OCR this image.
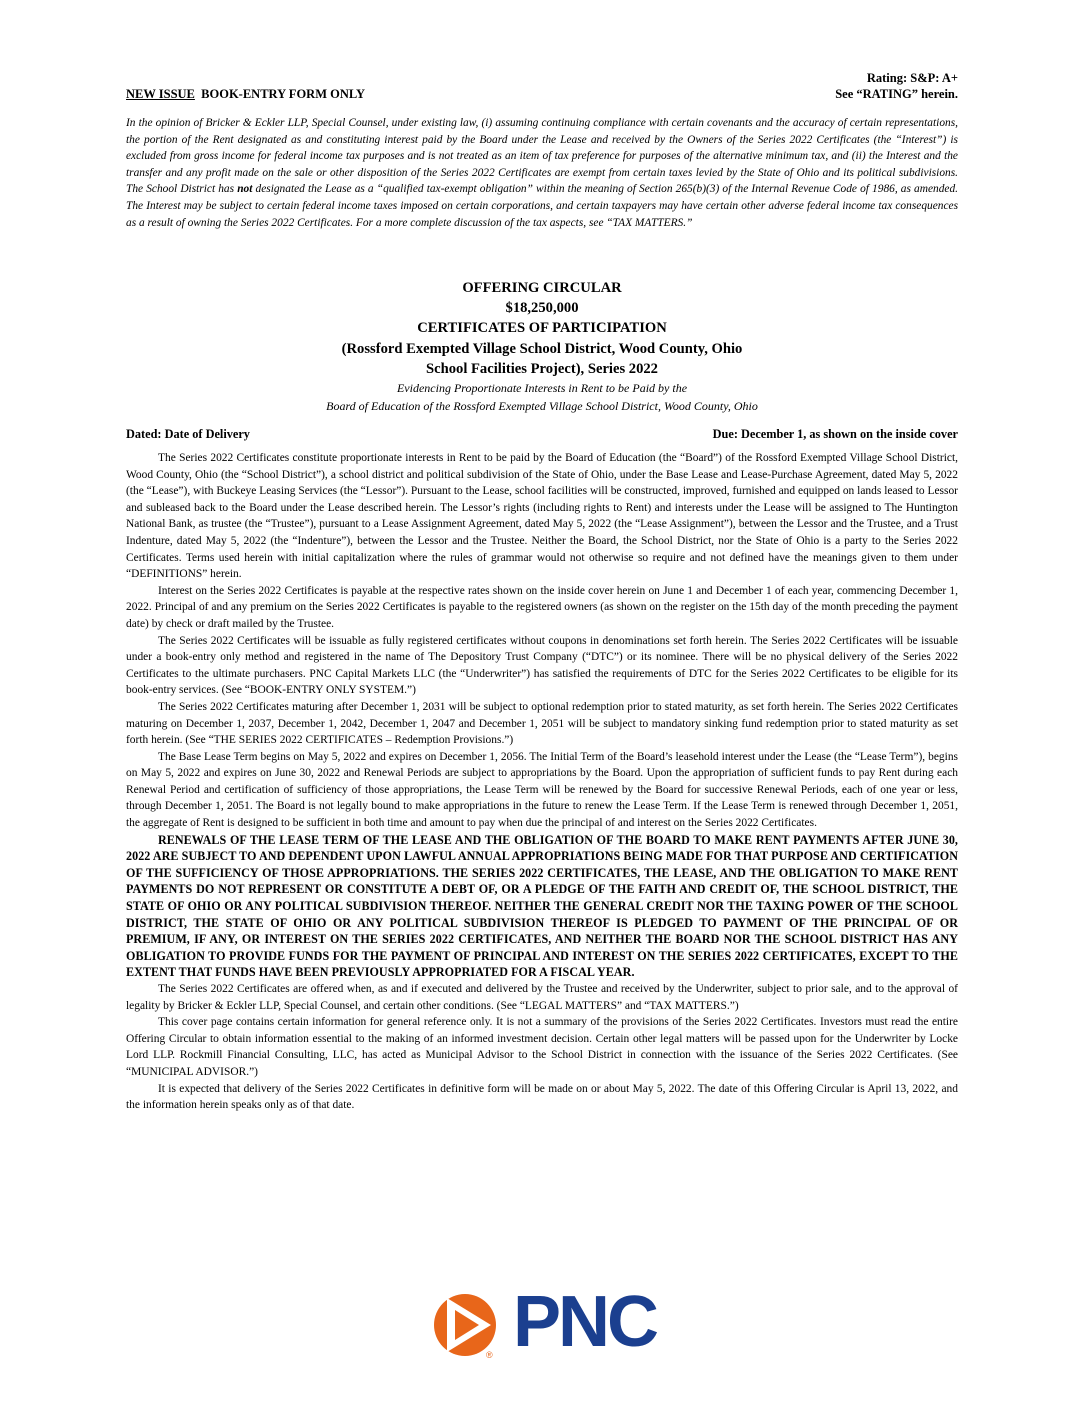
Rating: S&P: A+
See “RATING” herein.
NEW ISSUE BOOK-ENTRY FORM ONLY

In the opinion of Bricker & Eckler LLP, Special Counsel, under existing law, (i) assuming continuing compliance with certain covenants and the accuracy of certain representations, the portion of the Rent designated as and constituting interest paid by the Board under the Lease and received by the Owners of the Series 2022 Certificates (the “Interest”) is excluded from gross income for federal income tax purposes and is not treated as an item of tax preference for purposes of the alternative minimum tax, and (ii) the Interest and the transfer and any profit made on the sale or other disposition of the Series 2022 Certificates are exempt from certain taxes levied by the State of Ohio and its political subdivisions. The School District has not designated the Lease as a “qualified tax-exempt obligation” within the meaning of Section 265(b)(3) of the Internal Revenue Code of 1986, as amended. The Interest may be subject to certain federal income taxes imposed on certain corporations, and certain taxpayers may have certain other adverse federal income tax consequences as a result of owning the Series 2022 Certificates. For a more complete discussion of the tax aspects, see “TAX MATTERS.”

OFFERING CIRCULAR
$18,250,000
CERTIFICATES OF PARTICIPATION
(Rossford Exempted Village School District, Wood County, Ohio
School Facilities Project), Series 2022
Evidencing Proportionate Interests in Rent to be Paid by the
Board of Education of the Rossford Exempted Village School District, Wood County, Ohio
Dated: Date of Delivery	Due: December 1, as shown on the inside cover

The Series 2022 Certificates constitute proportionate interests in Rent to be paid by the Board of Education (the “Board”) of the Rossford Exempted Village School District, Wood County, Ohio (the “School District”), a school district and political subdivision of the State of Ohio, under the Base Lease and Lease-Purchase Agreement, dated May 5, 2022 (the “Lease”), with Buckeye Leasing Services (the “Lessor”). Pursuant to the Lease, school facilities will be constructed, improved, furnished and equipped on lands leased to Lessor and subleased back to the Board under the Lease described herein. The Lessor’s rights (including rights to Rent) and interests under the Lease will be assigned to The Huntington National Bank, as trustee (the “Trustee”), pursuant to a Lease Assignment Agreement, dated May 5, 2022 (the “Lease Assignment”), between the Lessor and the Trustee, and a Trust Indenture, dated May 5, 2022 (the “Indenture”), between the Lessor and the Trustee. Neither the Board, the School District, nor the State of Ohio is a party to the Series 2022 Certificates. Terms used herein with initial capitalization where the rules of grammar would not otherwise so require and not defined have the meanings given to them under “DEFINITIONS” herein.

Interest on the Series 2022 Certificates is payable at the respective rates shown on the inside cover herein on June 1 and December 1 of each year, commencing December 1, 2022. Principal of and any premium on the Series 2022 Certificates is payable to the registered owners (as shown on the register on the 15th day of the month preceding the payment date) by check or draft mailed by the Trustee.

The Series 2022 Certificates will be issuable as fully registered certificates without coupons in denominations set forth herein. The Series 2022 Certificates will be issuable under a book-entry only method and registered in the name of The Depository Trust Company (“DTC”) or its nominee. There will be no physical delivery of the Series 2022 Certificates to the ultimate purchasers. PNC Capital Markets LLC (the “Underwriter”) has satisfied the requirements of DTC for the Series 2022 Certificates to be eligible for its book-entry services. (See “BOOK-ENTRY ONLY SYSTEM.”)

The Series 2022 Certificates maturing after December 1, 2031 will be subject to optional redemption prior to stated maturity, as set forth herein. The Series 2022 Certificates maturing on December 1, 2037, December 1, 2042, December 1, 2047 and December 1, 2051 will be subject to mandatory sinking fund redemption prior to stated maturity as set forth herein. (See “THE SERIES 2022 CERTIFICATES – Redemption Provisions.”)

The Base Lease Term begins on May 5, 2022 and expires on December 1, 2056. The Initial Term of the Board’s leasehold interest under the Lease (the “Lease Term”), begins on May 5, 2022 and expires on June 30, 2022 and Renewal Periods are subject to appropriations by the Board. Upon the appropriation of sufficient funds to pay Rent during each Renewal Period and certification of sufficiency of those appropriations, the Lease Term will be renewed by the Board for successive Renewal Periods, each of one year or less, through December 1, 2051. The Board is not legally bound to make appropriations in the future to renew the Lease Term. If the Lease Term is renewed through December 1, 2051, the aggregate of Rent is designed to be sufficient in both time and amount to pay when due the principal of and interest on the Series 2022 Certificates.

RENEWALS OF THE LEASE TERM OF THE LEASE AND THE OBLIGATION OF THE BOARD TO MAKE RENT PAYMENTS AFTER JUNE 30, 2022 ARE SUBJECT TO AND DEPENDENT UPON LAWFUL ANNUAL APPROPRIATIONS BEING MADE FOR THAT PURPOSE AND CERTIFICATION OF THE SUFFICIENCY OF THOSE APPROPRIATIONS. THE SERIES 2022 CERTIFICATES, THE LEASE, AND THE OBLIGATION TO MAKE RENT PAYMENTS DO NOT REPRESENT OR CONSTITUTE A DEBT OF, OR A PLEDGE OF THE FAITH AND CREDIT OF, THE SCHOOL DISTRICT, THE STATE OF OHIO OR ANY POLITICAL SUBDIVISION THEREOF. NEITHER THE GENERAL CREDIT NOR THE TAXING POWER OF THE SCHOOL DISTRICT, THE STATE OF OHIO OR ANY POLITICAL SUBDIVISION THEREOF IS PLEDGED TO PAYMENT OF THE PRINCIPAL OF OR PREMIUM, IF ANY, OR INTEREST ON THE SERIES 2022 CERTIFICATES, AND NEITHER THE BOARD NOR THE SCHOOL DISTRICT HAS ANY OBLIGATION TO PROVIDE FUNDS FOR THE PAYMENT OF PRINCIPAL AND INTEREST ON THE SERIES 2022 CERTIFICATES, EXCEPT TO THE EXTENT THAT FUNDS HAVE BEEN PREVIOUSLY APPROPRIATED FOR A FISCAL YEAR.

The Series 2022 Certificates are offered when, as and if executed and delivered by the Trustee and received by the Underwriter, subject to prior sale, and to the approval of legality by Bricker & Eckler LLP, Special Counsel, and certain other conditions. (See “LEGAL MATTERS” and “TAX MATTERS.”)

This cover page contains certain information for general reference only. It is not a summary of the provisions of the Series 2022 Certificates. Investors must read the entire Offering Circular to obtain information essential to the making of an informed investment decision. Certain other legal matters will be passed upon for the Underwriter by Locke Lord LLP. Rockmill Financial Consulting, LLC, has acted as Municipal Advisor to the School District in connection with the issuance of the Series 2022 Certificates. (See “MUNICIPAL ADVISOR.”)

It is expected that delivery of the Series 2022 Certificates in definitive form will be made on or about May 5, 2022. The date of this Offering Circular is April 13, 2022, and the information herein speaks only as of that date.

® PNC
